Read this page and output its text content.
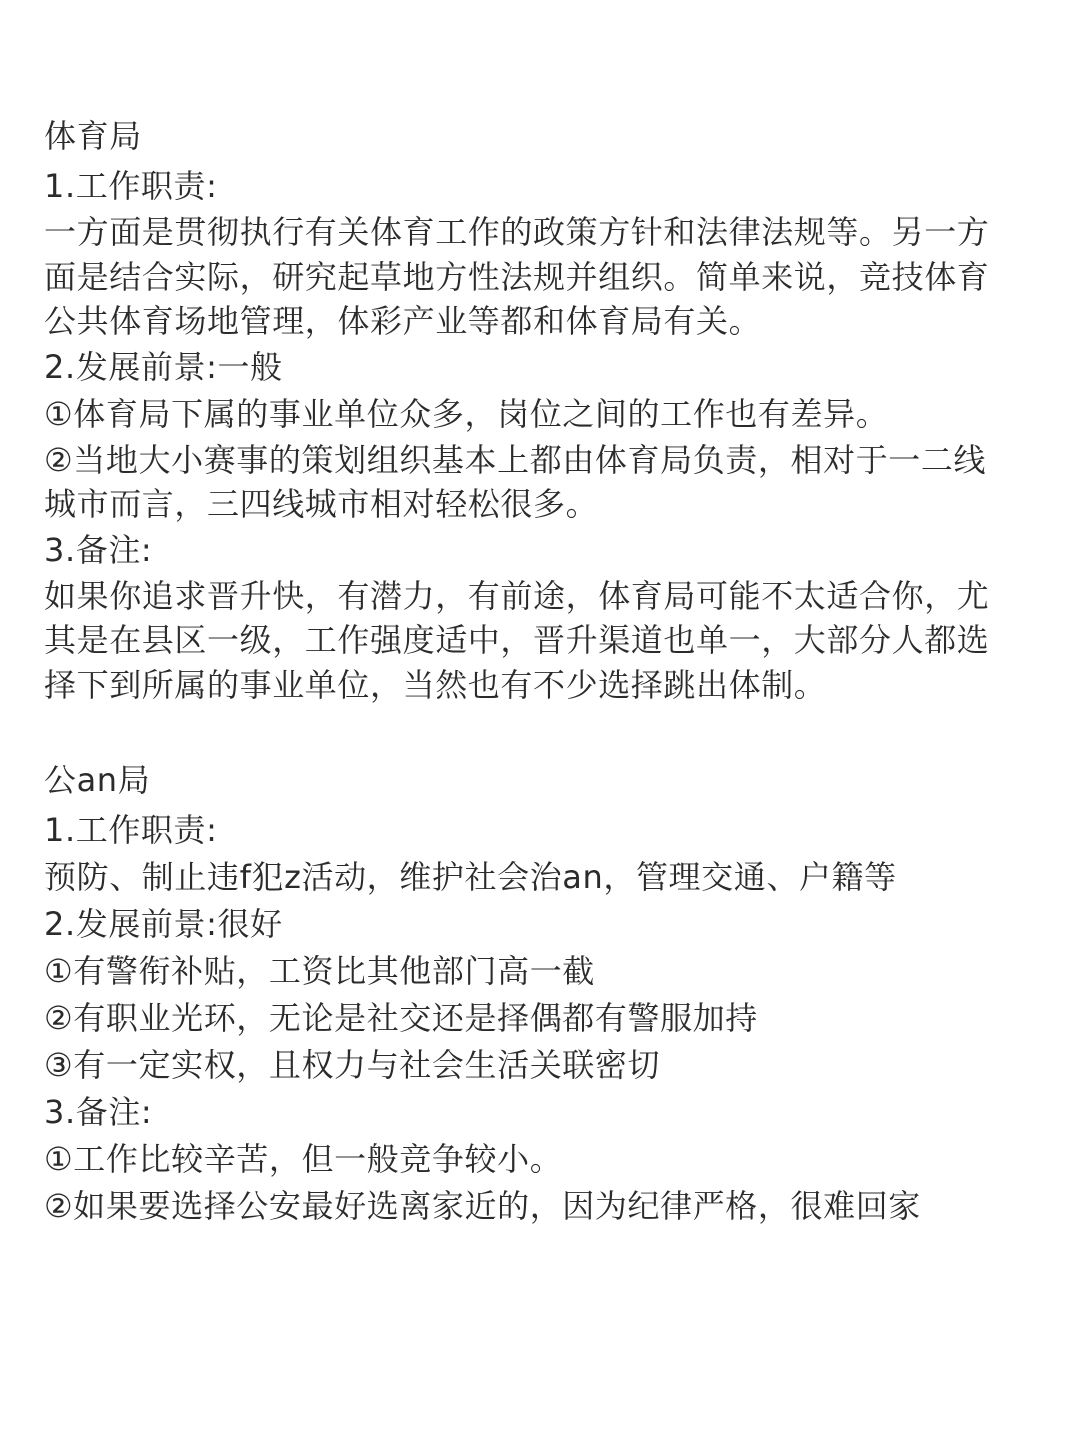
体育局
1.工作职责:
一方面是贯彻执行有关体育工作的政策方针和法律法规等。另一方
面是结合实际，研究起草地方性法规并组织。简单来说，竞技体育
公共体育场地管理，体彩产业等都和体育局有关。
2.发展前景:一般
①体育局下属的事业单位众多，岗位之间的工作也有差异。
②当地大小赛事的策划组织基本上都由体育局负责，相对于一二线
城市而言，三四线城市相对轻松很多。
3.备注:
如果你追求晋升快，有潜力，有前途，体育局可能不太适合你，尤
其是在县区一级，工作强度适中，晋升渠道也单一，大部分人都选
择下到所属的事业单位，当然也有不少选择跳出体制。
公an局
1.工作职责:
预防、制止违f犯z活动，维护社会治an，管理交通、户籍等
2.发展前景:很好
①有警衔补贴，工资比其他部门高一截
②有职业光环，无论是社交还是择偶都有警服加持
③有一定实权，且权力与社会生活关联密切
3.备注:
①工作比较辛苦，但一般竞争较小。
②如果要选择公安最好选离家近的，因为纪律严格，很难回家
